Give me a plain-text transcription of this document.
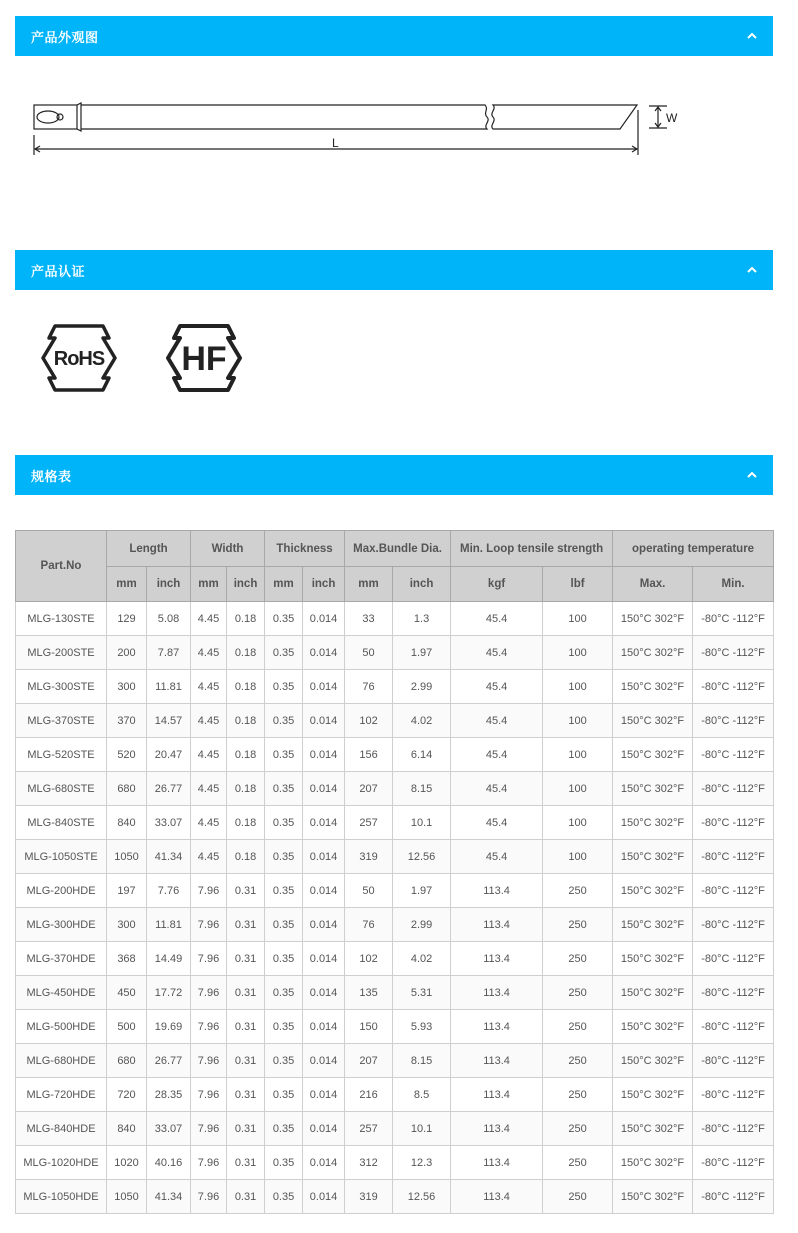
产品外观图
W
L
产品认证
RoHS HF
规格表
Part.No	Length		Width		Thickness		Max.Bundle Dia.		Min. Loop tensile strength		operating temperature	
	mm	inch	mm	inch	mm	inch	mm	inch	kgf	lbf	Max.	Min.
MLG-130STE	129	5.08	4.45	0.18	0.35	0.014	33	1.3	45.4	100	150°C 302°F	-80°C -112°F
MLG-200STE	200	7.87	4.45	0.18	0.35	0.014	50	1.97	45.4	100	150°C 302°F	-80°C -112°F
MLG-300STE	300	11.81	4.45	0.18	0.35	0.014	76	2.99	45.4	100	150°C 302°F	-80°C -112°F
MLG-370STE	370	14.57	4.45	0.18	0.35	0.014	102	4.02	45.4	100	150°C 302°F	-80°C -112°F
MLG-520STE	520	20.47	4.45	0.18	0.35	0.014	156	6.14	45.4	100	150°C 302°F	-80°C -112°F
MLG-680STE	680	26.77	4.45	0.18	0.35	0.014	207	8.15	45.4	100	150°C 302°F	-80°C -112°F
MLG-840STE	840	33.07	4.45	0.18	0.35	0.014	257	10.1	45.4	100	150°C 302°F	-80°C -112°F
MLG-1050STE	1050	41.34	4.45	0.18	0.35	0.014	319	12.56	45.4	100	150°C 302°F	-80°C -112°F
MLG-200HDE	197	7.76	7.96	0.31	0.35	0.014	50	1.97	113.4	250	150°C 302°F	-80°C -112°F
MLG-300HDE	300	11.81	7.96	0.31	0.35	0.014	76	2.99	113.4	250	150°C 302°F	-80°C -112°F
MLG-370HDE	368	14.49	7.96	0.31	0.35	0.014	102	4.02	113.4	250	150°C 302°F	-80°C -112°F
MLG-450HDE	450	17.72	7.96	0.31	0.35	0.014	135	5.31	113.4	250	150°C 302°F	-80°C -112°F
MLG-500HDE	500	19.69	7.96	0.31	0.35	0.014	150	5.93	113.4	250	150°C 302°F	-80°C -112°F
MLG-680HDE	680	26.77	7.96	0.31	0.35	0.014	207	8.15	113.4	250	150°C 302°F	-80°C -112°F
MLG-720HDE	720	28.35	7.96	0.31	0.35	0.014	216	8.5	113.4	250	150°C 302°F	-80°C -112°F
MLG-840HDE	840	33.07	7.96	0.31	0.35	0.014	257	10.1	113.4	250	150°C 302°F	-80°C -112°F
MLG-1020HDE	1020	40.16	7.96	0.31	0.35	0.014	312	12.3	113.4	250	150°C 302°F	-80°C -112°F
MLG-1050HDE	1050	41.34	7.96	0.31	0.35	0.014	319	12.56	113.4	250	150°C 302°F	-80°C -112°F
